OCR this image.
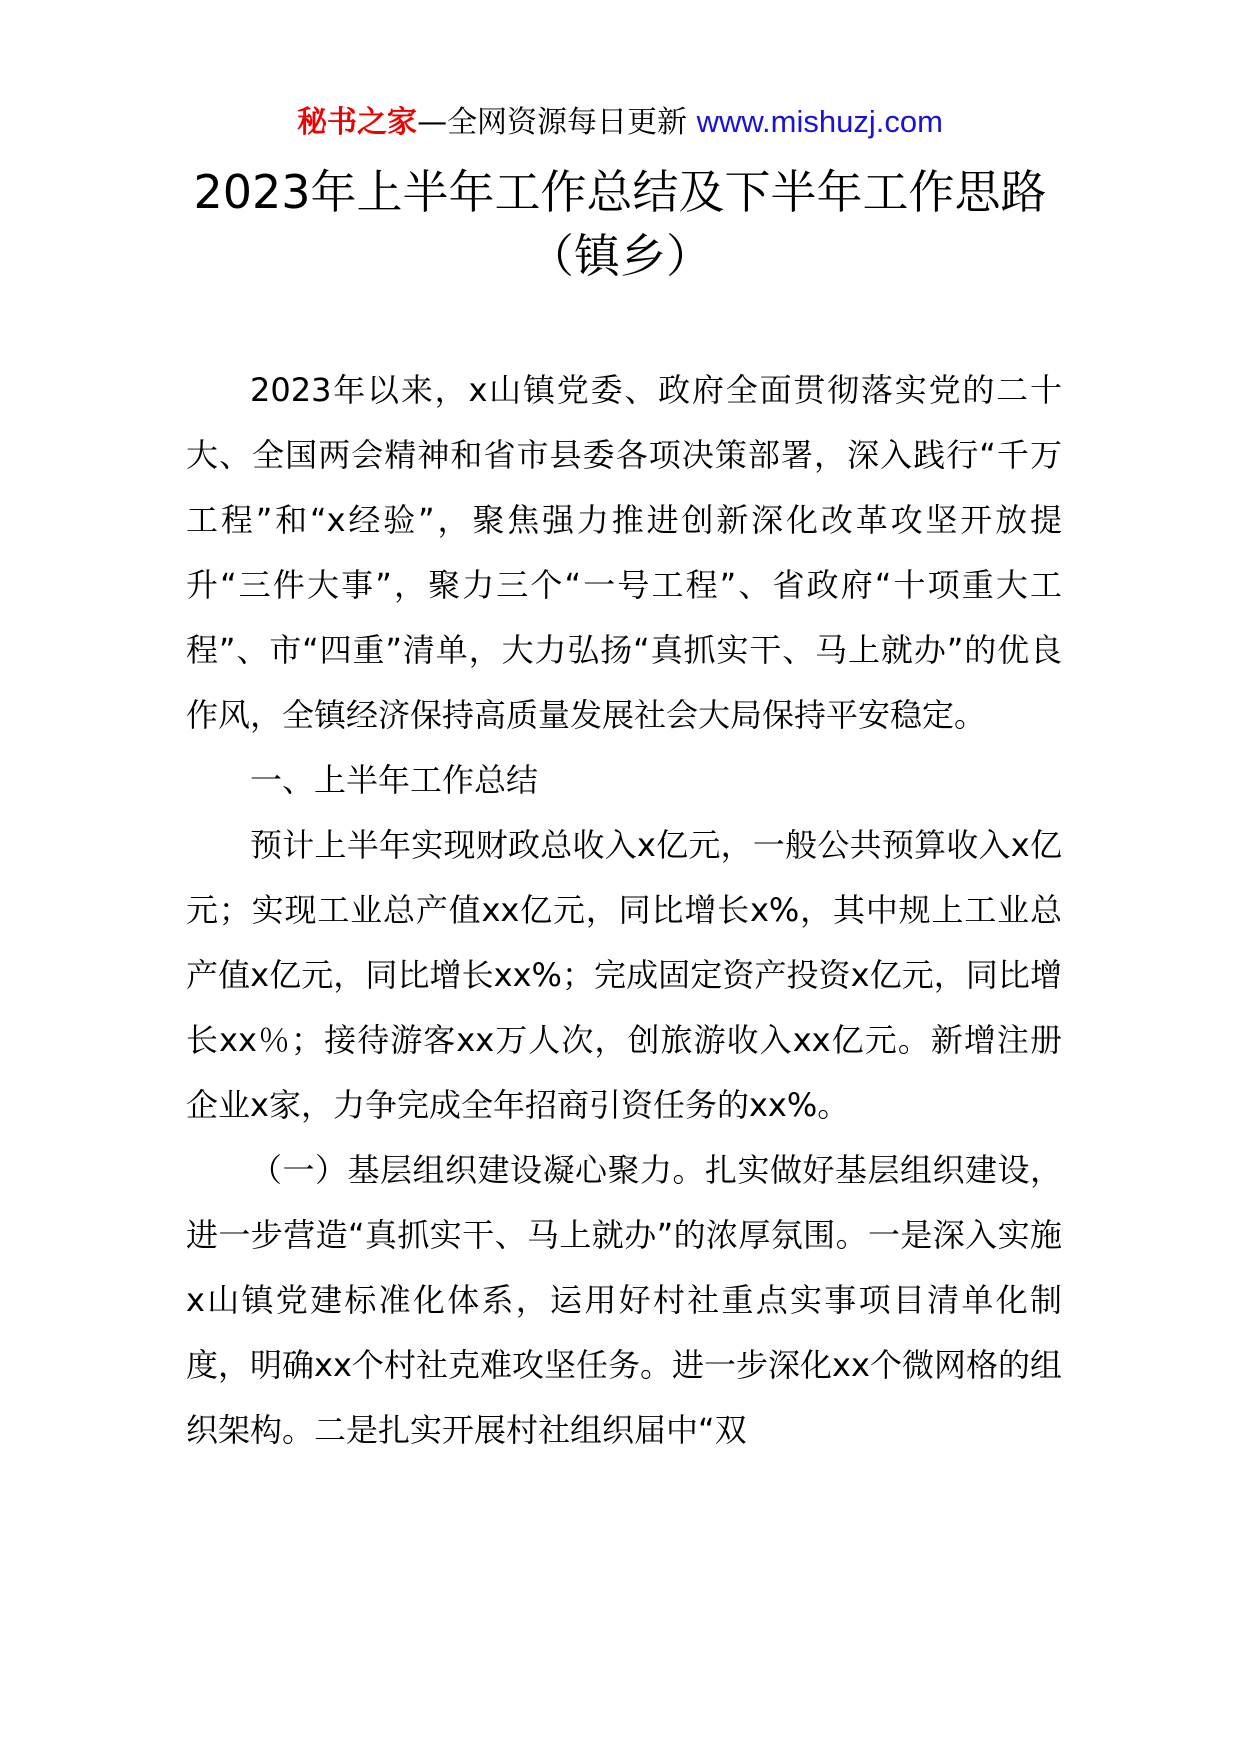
秘书之家—全网资源每日更新 www.mishuzj.com
2023年上半年工作总结及下半年工作思路
（镇乡）

2023年以来，x山镇党委、政府全面贯彻落实党的二十大、全国两会精神和省市县委各项决策部署，深入践行“千万工程”和“x经验”，聚焦强力推进创新深化改革攻坚开放提升“三件大事”，聚力三个“一号工程”、省政府“十项重大工程”、市“四重”清单，大力弘扬“真抓实干、马上就办”的优良作风，全镇经济保持高质量发展社会大局保持平安稳定。

一、上半年工作总结

预计上半年实现财政总收入x亿元，一般公共预算收入x亿元；实现工业总产值xx亿元，同比增长x%，其中规上工业总产值x亿元，同比增长xx%；完成固定资产投资x亿元，同比增长xx％；接待游客xx万人次，创旅游收入xx亿元。新增注册企业x家，力争完成全年招商引资任务的xx%。

（一）基层组织建设凝心聚力。扎实做好基层组织建设，进一步营造“真抓实干、马上就办”的浓厚氛围。一是深入实施x山镇党建标准化体系，运用好村社重点实事项目清单化制度，明确xx个村社克难攻坚任务。进一步深化xx个微网格的组织架构。二是扎实开展村社组织届中“双
